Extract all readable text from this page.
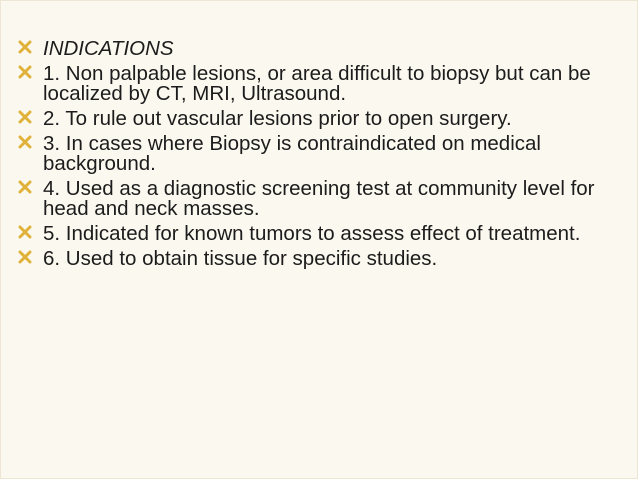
INDICATIONS
1. Non palpable lesions, or area difficult to biopsy but can be localized by CT, MRI, Ultrasound.
2. To rule out vascular lesions prior to open surgery.
3. In cases where Biopsy is contraindicated on medical background.
4. Used as a diagnostic screening test at community level for head and neck masses.
5. Indicated for known tumors to assess effect of treatment.
6. Used to obtain tissue for specific studies.
